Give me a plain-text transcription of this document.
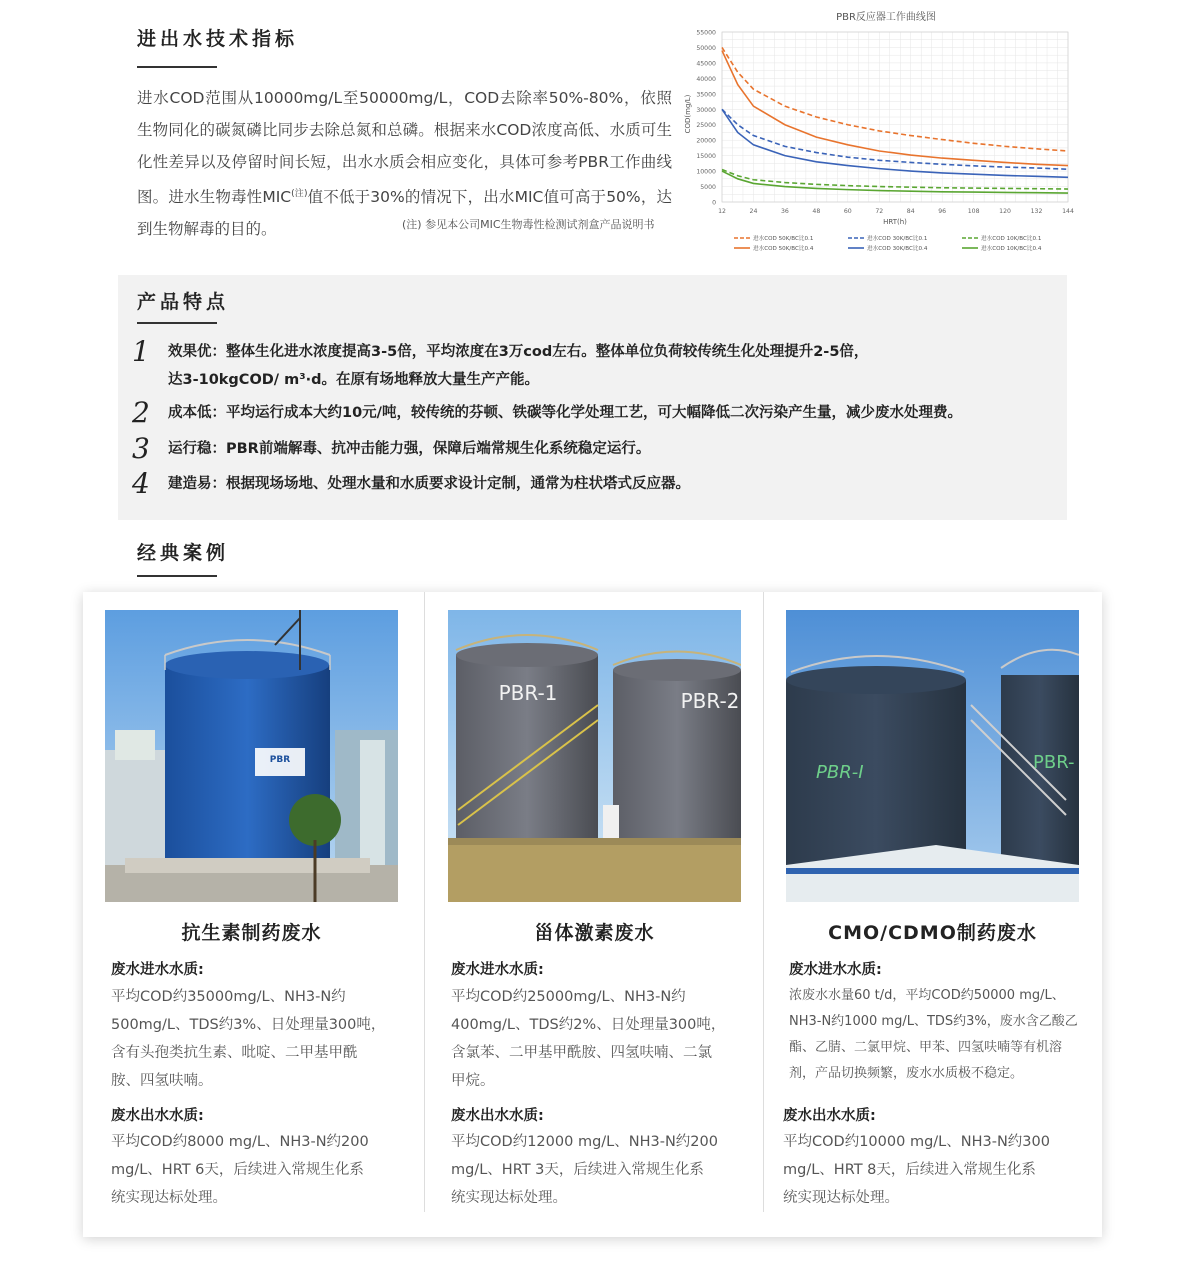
进出水技术指标
进水COD范围从10000mg/L至50000mg/L，COD去除率50%-80%，依照生物同化的碳氮磷比同步去除总氮和总磷。根据来水COD浓度高低、水质可生化性差异以及停留时间长短，出水水质会相应变化，具体可参考PBR工作曲线图。进水生物毒性$MIC^{(注)}$值不低于30%的情况下，出水MIC值可高于50%，达到生物解毒的目的。	(注) 参见本公司MIC生物毒性检测试剂盒产品说明书
PBR反应器工作曲线图
0
5000
10000
15000
20000
25000
30000
35000
40000
45000
50000
55000
12	24	36	48	60	72	84	96	108	120	132	144
COD(mg/L)
HRT(h)
进水COD 50K/BC比0.1
进水COD 50K/BC比0.4
进水COD 30K/BC比0.1
进水COD 30K/BC比0.4
进水COD 10K/BC比0.1
进水COD 10K/BC比0.4
产品特点
1 效果优：整体生化进水浓度提高3-5倍，平均浓度在3万cod左右。整体单位负荷较传统生化处理提升2-5倍，
达3-10kgCOD/ m³·d。在原有场地释放大量生产产能。
2 成本低：平均运行成本大约10元/吨，较传统的芬顿、铁碳等化学处理工艺，可大幅降低二次污染产生量，减少废水处理费。
3 运行稳：PBR前端解毒、抗冲击能力强，保障后端常规生化系统稳定运行。
4 建造易：根据现场场地、处理水量和水质要求设计定制，通常为柱状塔式反应器。
经典案例
PBR
抗生素制药废水
废水进水水质:
平均COD约35000mg/L、NH3-N约
500mg/L、TDS约3%、日处理量300吨，
含有头孢类抗生素、吡啶、二甲基甲酰
胺、四氢呋喃。
废水出水水质:
平均COD约8000 mg/L、NH3-N约200
mg/L、HRT 6天，后续进入常规生化系
统实现达标处理。
PBR-1	PBR-2
甾体激素废水
废水进水水质:
平均COD约25000mg/L、NH3-N约
400mg/L、TDS约2%、日处理量300吨，
含氯苯、二甲基甲酰胺、四氢呋喃、二氯
甲烷。
废水出水水质:
平均COD约12000 mg/L、NH3-N约200
mg/L、HRT 3天，后续进入常规生化系
统实现达标处理。
PBR-I	PBR-
CMO/CDMO制药废水
废水进水水质:
浓废水水量60 t/d，平均COD约50000 mg/L、
NH3-N约1000 mg/L、TDS约3%，废水含乙酸乙
酯、乙腈、二氯甲烷、甲苯、四氢呋喃等有机溶
剂，产品切换频繁，废水水质极不稳定。
废水出水水质:
平均COD约10000 mg/L、NH3-N约300
mg/L、HRT 8天，后续进入常规生化系
统实现达标处理。
